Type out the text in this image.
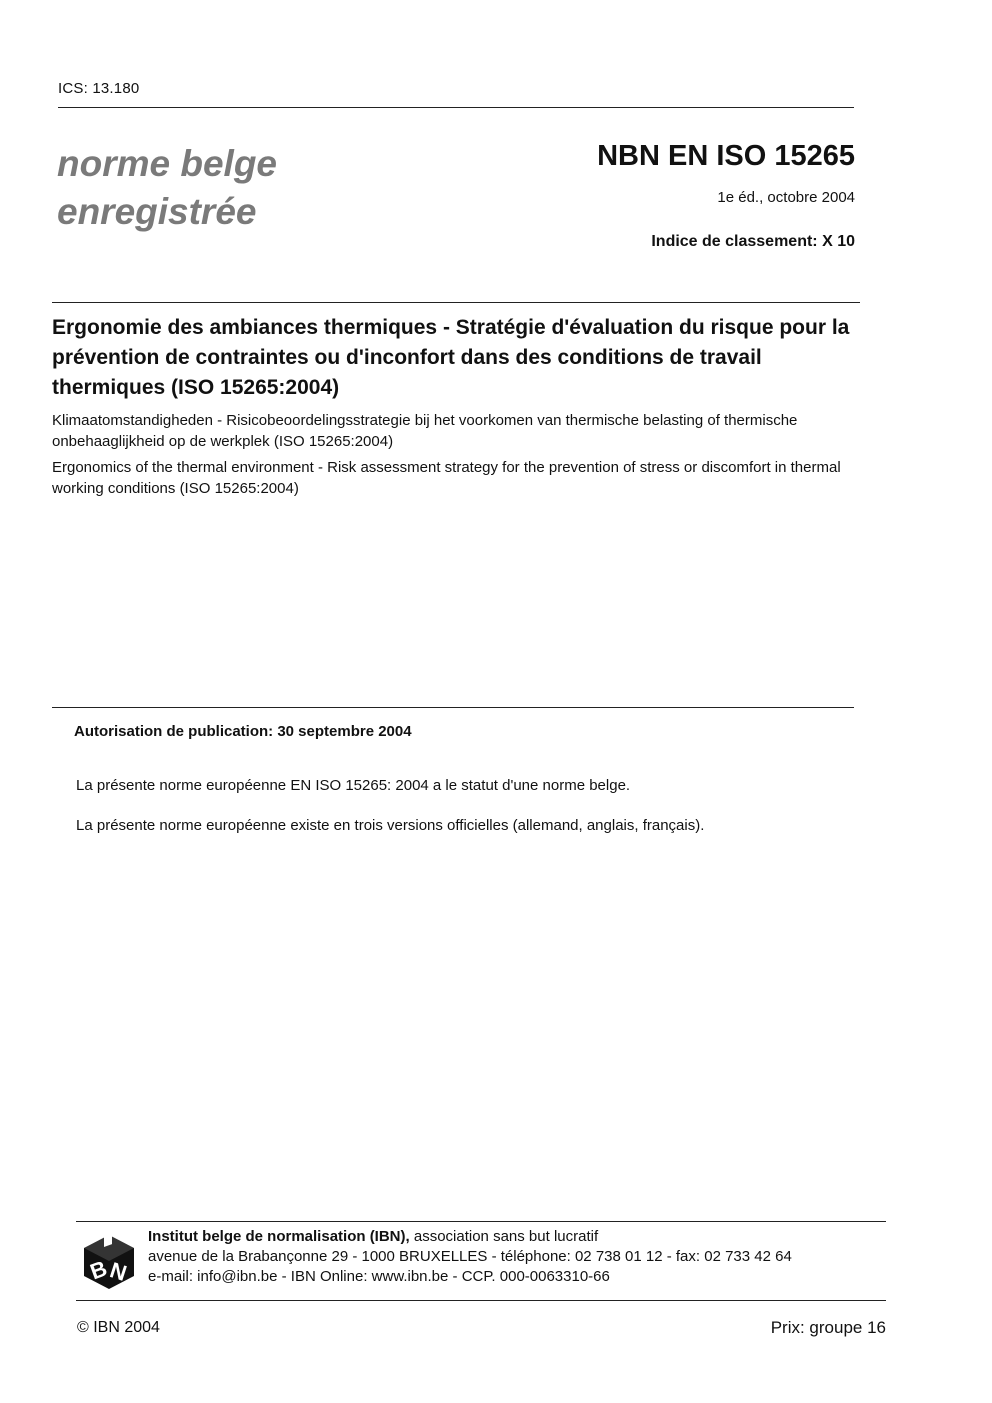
ICS: 13.180
norme belge
enregistrée
NBN EN ISO 15265
1e éd., octobre 2004
Indice de classement: X 10
Ergonomie des ambiances thermiques - Stratégie d'évaluation du risque pour la prévention de contraintes ou d'inconfort dans des conditions de travail thermiques (ISO 15265:2004)
Klimaatomstandigheden - Risicobeoordelingsstrategie bij het voorkomen van thermische belasting of thermische onbehaaglijkheid op de werkplek (ISO 15265:2004)
Ergonomics of the thermal environment - Risk assessment strategy for the prevention of stress or discomfort in thermal working conditions (ISO 15265:2004)
Autorisation de publication: 30 septembre 2004
La présente norme européenne EN ISO 15265: 2004 a le statut d'une norme belge.
La présente norme européenne existe en trois versions officielles (allemand, anglais, français).
B
N
Institut belge de normalisation (IBN), association sans but lucratif
avenue de la Brabançonne 29 - 1000 BRUXELLES - téléphone: 02 738 01 12 - fax: 02 733 42 64
e-mail: info@ibn.be - IBN Online: www.ibn.be - CCP. 000-0063310-66
© IBN 2004	Prix: groupe 16
